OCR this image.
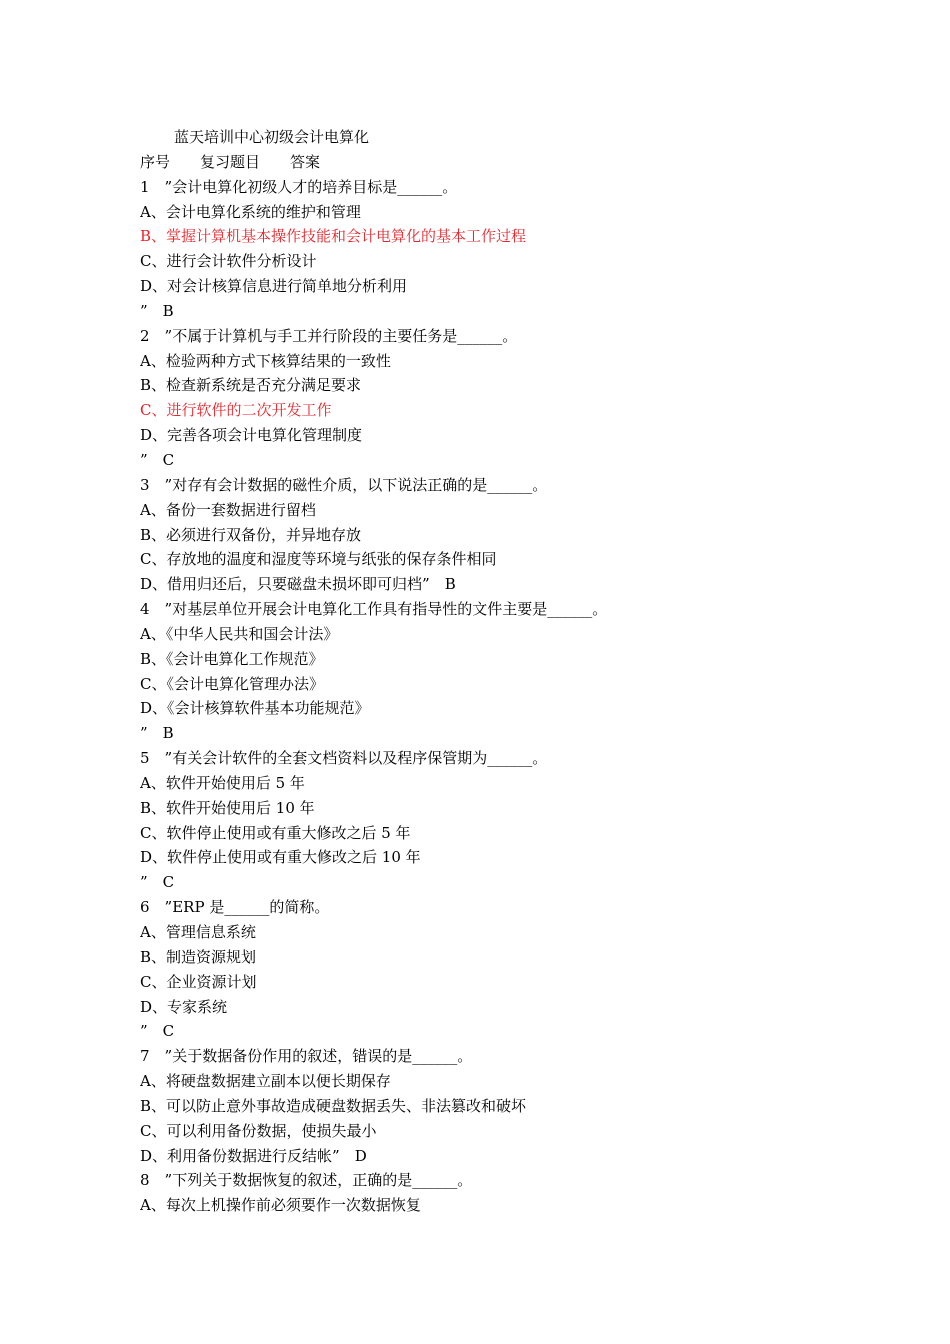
蓝天培训中心初级会计电算化
序号　　复习题目　　答案
1　”会计电算化初级人才的培养目标是______。
A、会计电算化系统的维护和管理
B、掌握计算机基本操作技能和会计电算化的基本工作过程
C、进行会计软件分析设计
D、对会计核算信息进行简单地分析利用
”　B
2　”不属于计算机与手工并行阶段的主要任务是______。
A、检验两种方式下核算结果的一致性
B、检查新系统是否充分满足要求
C、进行软件的二次开发工作
D、完善各项会计电算化管理制度
”　C
3　”对存有会计数据的磁性介质，以下说法正确的是______。
A、备份一套数据进行留档
B、必须进行双备份，并异地存放
C、存放地的温度和湿度等环境与纸张的保存条件相同
D、借用归还后，只要磁盘未损坏即可归档”　B
4　”对基层单位开展会计电算化工作具有指导性的文件主要是______。
A、《中华人民共和国会计法》
B、《会计电算化工作规范》
C、《会计电算化管理办法》
D、《会计核算软件基本功能规范》
”　B
5　”有关会计软件的全套文档资料以及程序保管期为______。
A、软件开始使用后 5 年
B、软件开始使用后 10 年
C、软件停止使用或有重大修改之后 5 年
D、软件停止使用或有重大修改之后 10 年
”　C
6　”ERP 是______的简称。
A、管理信息系统
B、制造资源规划
C、企业资源计划
D、专家系统
”　C
7　”关于数据备份作用的叙述，错误的是______。
A、将硬盘数据建立副本以便长期保存
B、可以防止意外事故造成硬盘数据丢失、非法篡改和破坏
C、可以利用备份数据，使损失最小
D、利用备份数据进行反结帐”　D
8　”下列关于数据恢复的叙述，正确的是______。
A、每次上机操作前必须要作一次数据恢复
